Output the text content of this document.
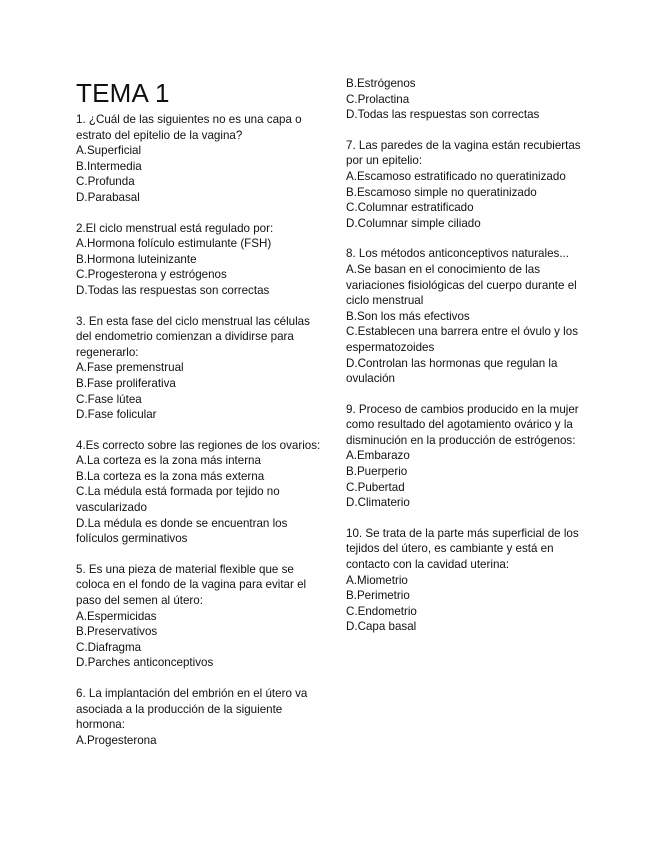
TEMA 1

1. ¿Cuál de las siguientes no es una capa o estrato del epitelio de la vagina?

A.Superficial
B.Intermedia
C.Profunda
D.Parabasal

2.El ciclo menstrual está regulado por:

A.Hormona folículo estimulante (FSH)
B.Hormona luteinizante
C.Progesterona y estrógenos
D.Todas las respuestas son correctas

3. En esta fase del ciclo menstrual las células del endometrio comienzan a dividirse para regenerarlo:

A.Fase premenstrual
B.Fase proliferativa
C.Fase lútea
D.Fase folicular

4.Es correcto sobre las regiones de los ovarios:

A.La corteza es la zona más interna
B.La corteza es la zona más externa
C.La médula está formada por tejido no vascularizado
D.La médula es donde se encuentran los folículos germinativos

5. Es una pieza de material flexible que se coloca en el fondo de la vagina para evitar el paso del semen al útero:

A.Espermicidas
B.Preservativos
C.Diafragma
D.Parches anticonceptivos

6. La implantación del embrión en el útero va asociada a la producción de la siguiente hormona:

A.Progesterona
B.Estrógenos
C.Prolactina
D.Todas las respuestas son correctas

7. Las paredes de la vagina están recubiertas por un epitelio:

A.Escamoso estratificado no queratinizado
B.Escamoso simple no queratinizado
C.Columnar estratificado
D.Columnar simple ciliado

8. Los métodos anticonceptivos naturales...

A.Se basan en el conocimiento de las variaciones fisiológicas del cuerpo durante el ciclo menstrual
B.Son los más efectivos
C.Establecen una barrera entre el óvulo y los espermatozoides
D.Controlan las hormonas que regulan la ovulación

9. Proceso de cambios producido en la mujer como resultado del agotamiento ovárico y la disminución en la producción de estrógenos:

A.Embarazo
B.Puerperio
C.Pubertad
D.Climaterio

10. Se trata de la parte más superficial de los tejidos del útero, es cambiante y está en contacto con la cavidad uterina:

A.Miometrio
B.Perimetrio
C.Endometrio
D.Capa basal
